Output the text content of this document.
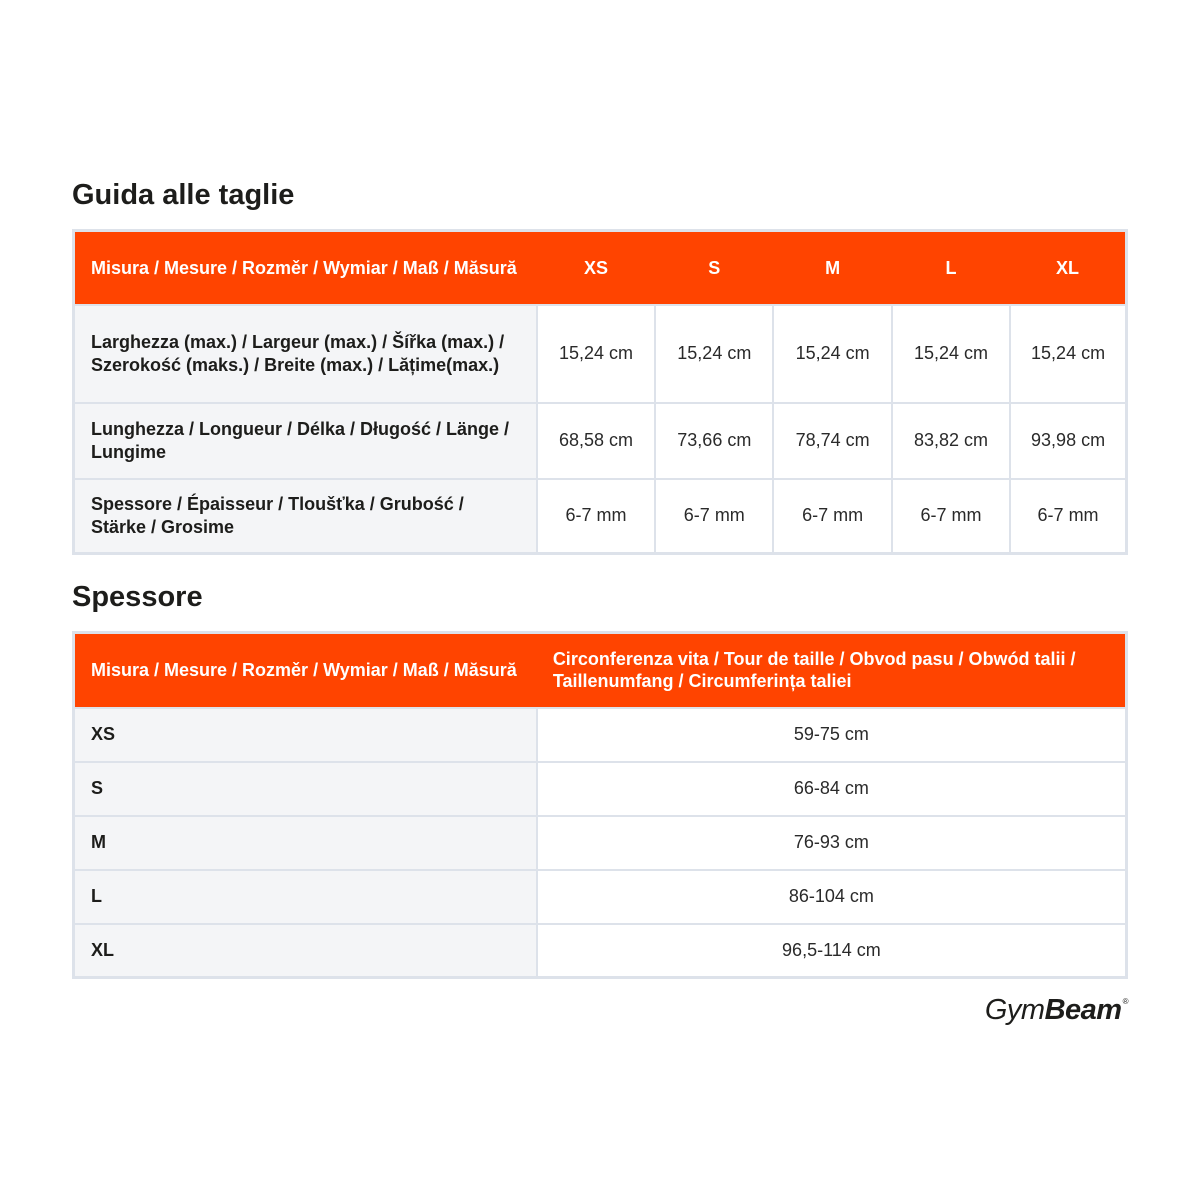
Guida alle taglie
Misura / Mesure / Rozměr / Wymiar / Maß / Măsură	XS	S	M	L	XL
Larghezza (max.) / Largeur (max.) / Šířka (max.) / Szerokość (maks.) / Breite (max.) / Lățime(max.)	15,24 cm	15,24 cm	15,24 cm	15,24 cm	15,24 cm
Lunghezza / Longueur / Délka / Długość / Länge / Lungime	68,58 cm	73,66 cm	78,74 cm	83,82 cm	93,98 cm
Spessore / Épaisseur / Tloušťka / Grubość / Stärke / Grosime	6-7 mm	6-7 mm	6-7 mm	6-7 mm	6-7 mm
Spessore
Misura / Mesure / Rozměr / Wymiar / Maß / Măsură	Circonferenza vita / Tour de taille / Obvod pasu / Obwód talii / Taillenumfang / Circumferința taliei
XS	59-75 cm
S	66-84 cm
M	76-93 cm
L	86-104 cm
XL	96,5-114 cm
GymBeam®
